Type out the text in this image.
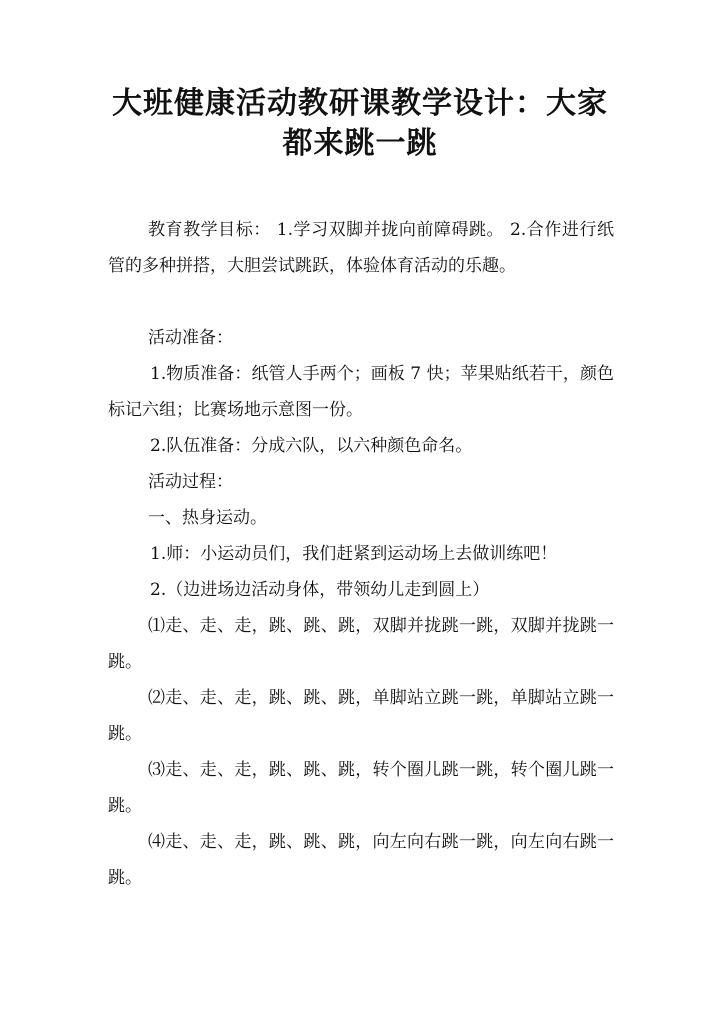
大班健康活动教研课教学设计：大家都来跳一跳

教育教学目标： 1.学习双脚并拢向前障碍跳。 2.合作进行纸管的多种拼搭，大胆尝试跳跃，体验体育活动的乐趣。

活动准备：

1.物质准备：纸管人手两个；画板 7 快；苹果贴纸若干，颜色标记六组；比赛场地示意图一份。

2.队伍准备：分成六队，以六种颜色命名。

活动过程：

一、热身运动。

1.师：小运动员们，我们赶紧到运动场上去做训练吧！

2.（边进场边活动身体，带领幼儿走到圆上）

⑴走、走、走，跳、跳、跳，双脚并拢跳一跳，双脚并拢跳一跳。

⑵走、走、走，跳、跳、跳，单脚站立跳一跳，单脚站立跳一跳。

⑶走、走、走，跳、跳、跳，转个圈儿跳一跳，转个圈儿跳一跳。

⑷走、走、走，跳、跳、跳，向左向右跳一跳，向左向右跳一跳。
